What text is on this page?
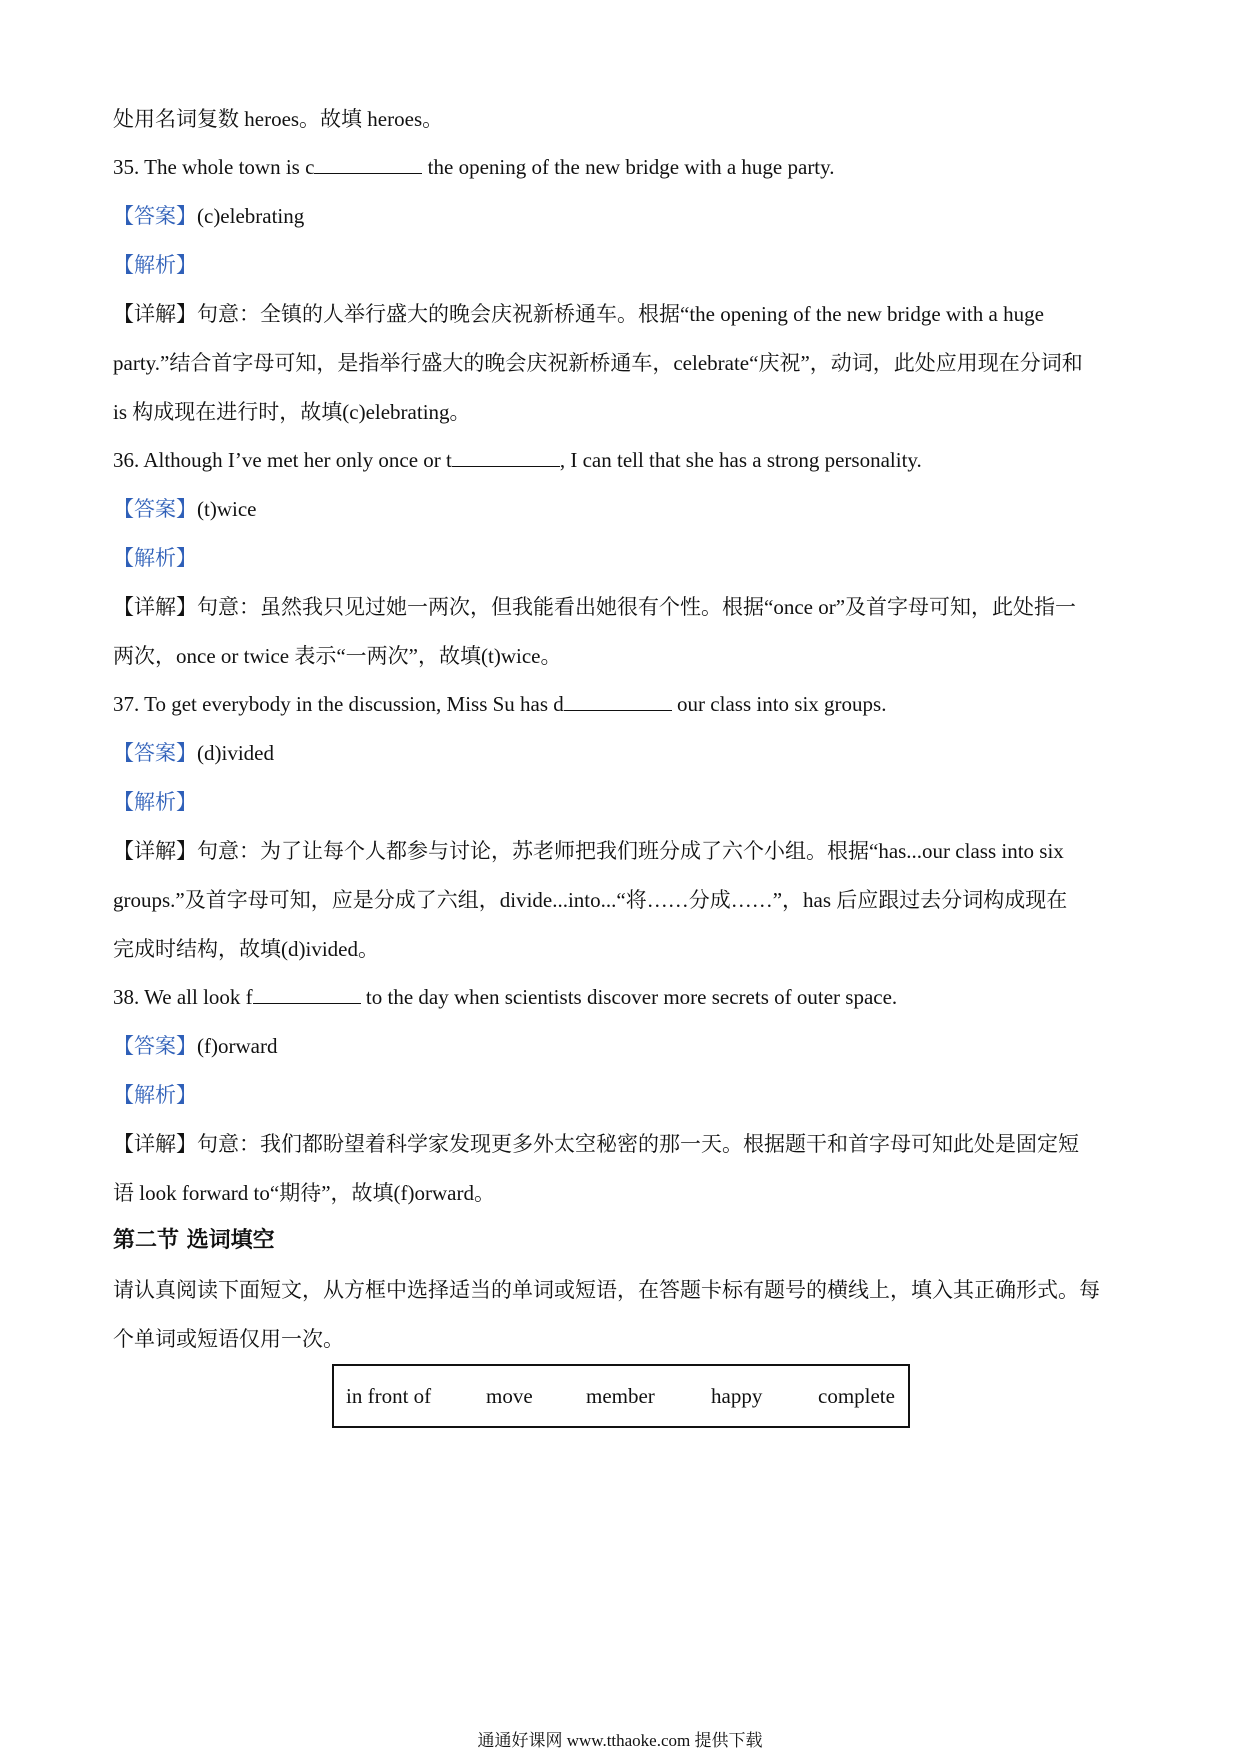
处用名词复数 heroes。故填 heroes。
35. The whole town is c	the opening of the new bridge with a huge party.
【答案】(c)elebrating
【解析】
【详解】句意：全镇的人举行盛大的晚会庆祝新桥通车。根据“the opening of the new bridge with a huge
party.”结合首字母可知，是指举行盛大的晚会庆祝新桥通车，celebrate“庆祝”，动词，此处应用现在分词和
is 构成现在进行时，故填(c)elebrating。
36. Although I’ve met her only once or t	, I can tell that she has a strong personality.
【答案】(t)wice
【解析】
【详解】句意：虽然我只见过她一两次，但我能看出她很有个性。根据“once or”及首字母可知，此处指一
两次，once or twice 表示“一两次”，故填(t)wice。
37. To get everybody in the discussion, Miss Su has d	our class into six groups.
【答案】(d)ivided
【解析】
【详解】句意：为了让每个人都参与讨论，苏老师把我们班分成了六个小组。根据“has...our class into six
groups.”及首字母可知，应是分成了六组，divide...into...“将……分成……”，has 后应跟过去分词构成现在
完成时结构，故填(d)ivided。
38. We all look f	to the day when scientists discover more secrets of outer space.
【答案】(f)orward
【解析】
【详解】句意：我们都盼望着科学家发现更多外太空秘密的那一天。根据题干和首字母可知此处是固定短
语 look forward to“期待”，故填(f)orward。
第二节 选词填空
请认真阅读下面短文，从方框中选择适当的单词或短语，在答题卡标有题号的横线上，填入其正确形式。每
个单词或短语仅用一次。
in front of	move	member	happy	complete
通通好课网 www.tthaoke.com 提供下载
